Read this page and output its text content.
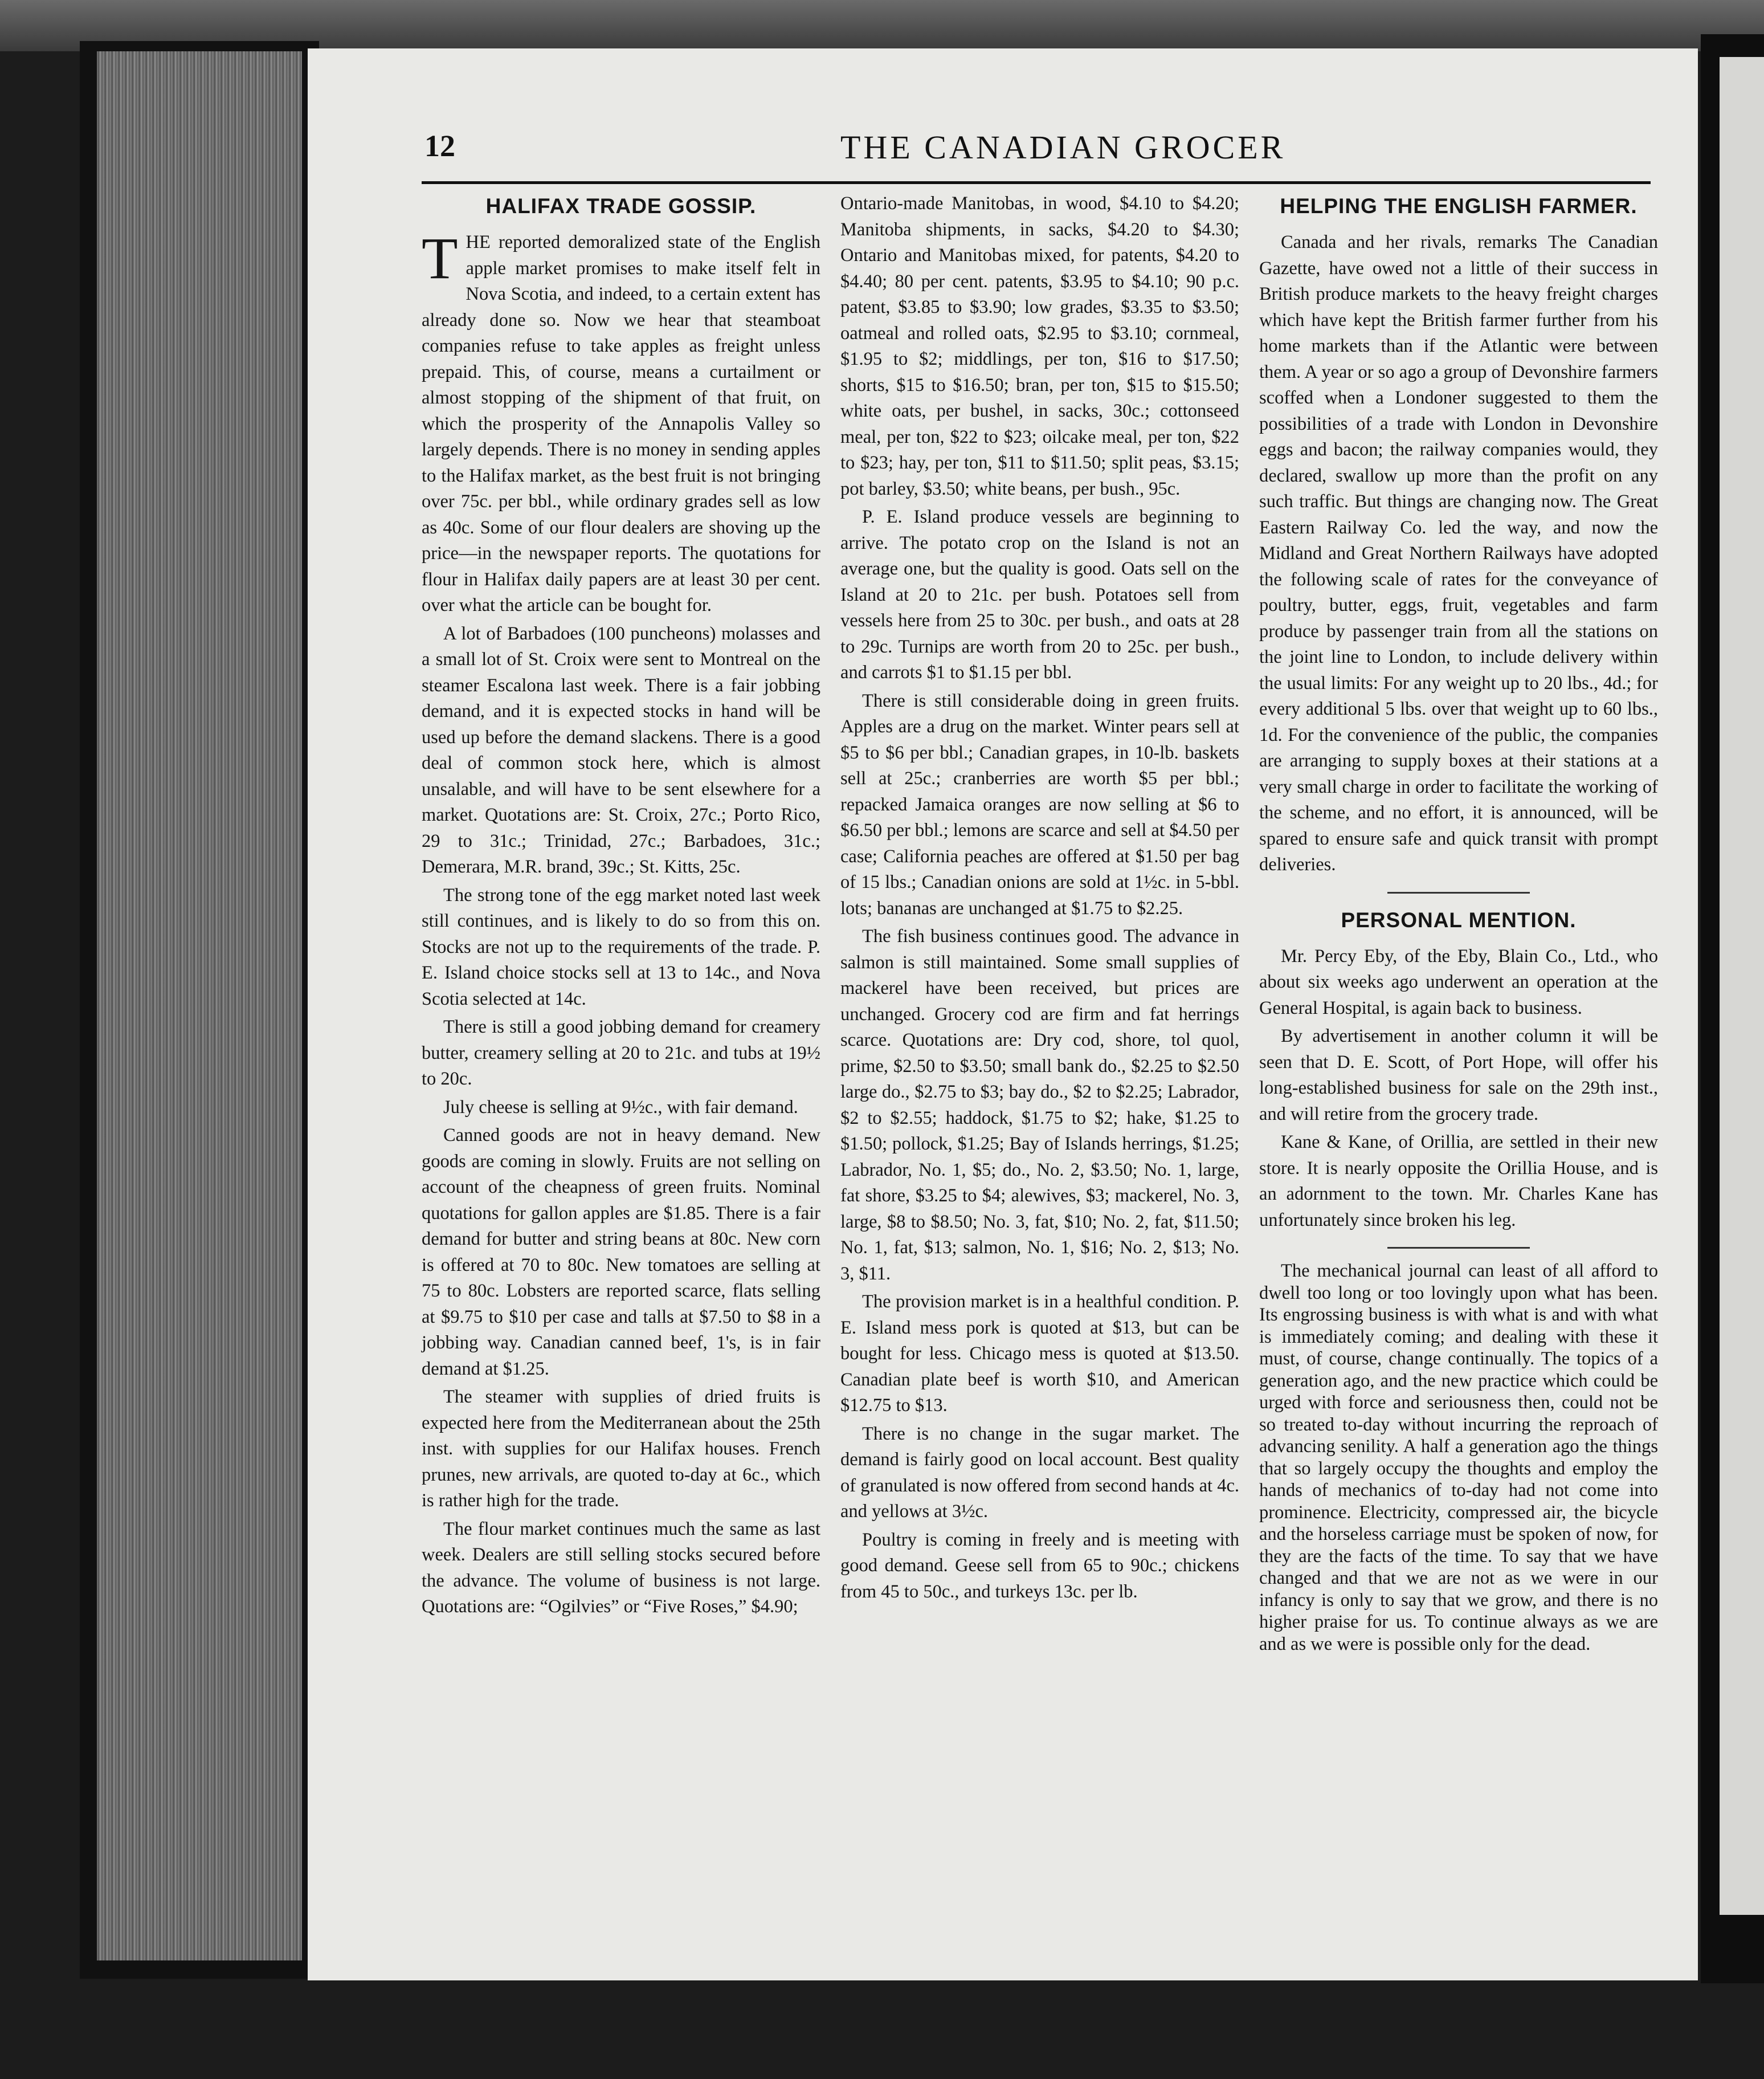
12	THE CANADIAN GROCER
HALIFAX TRADE GOSSIP.

THE reported demoralized state of the English apple market promises to make itself felt in Nova Scotia, and indeed, to a certain extent has already done so. Now we hear that steamboat companies refuse to take apples as freight unless prepaid. This, of course, means a curtailment or almost stopping of the shipment of that fruit, on which the prosperity of the Annapolis Valley so largely depends. There is no money in sending apples to the Halifax market, as the best fruit is not bringing over 75c. per bbl., while ordinary grades sell as low as 40c. Some of our flour dealers are shoving up the price—in the newspaper reports. The quotations for flour in Halifax daily papers are at least 30 per cent. over what the article can be bought for.

A lot of Barbadoes (100 puncheons) molasses and a small lot of St. Croix were sent to Montreal on the steamer Escalona last week. There is a fair jobbing demand, and it is expected stocks in hand will be used up before the demand slackens. There is a good deal of common stock here, which is almost unsalable, and will have to be sent elsewhere for a market. Quotations are: St. Croix, 27c.; Porto Rico, 29 to 31c.; Trinidad, 27c.; Barbadoes, 31c.; Demerara, M.R. brand, 39c.; St. Kitts, 25c.

The strong tone of the egg market noted last week still continues, and is likely to do so from this on. Stocks are not up to the requirements of the trade. P. E. Island choice stocks sell at 13 to 14c., and Nova Scotia selected at 14c.

There is still a good jobbing demand for creamery butter, creamery selling at 20 to 21c. and tubs at 19½ to 20c.

July cheese is selling at 9½c., with fair demand.

Canned goods are not in heavy demand. New goods are coming in slowly. Fruits are not selling on account of the cheapness of green fruits. Nominal quotations for gallon apples are $1.85. There is a fair demand for butter and string beans at 80c. New corn is offered at 70 to 80c. New tomatoes are selling at 75 to 80c. Lobsters are reported scarce, flats selling at $9.75 to $10 per case and talls at $7.50 to $8 in a jobbing way. Canadian canned beef, 1's, is in fair demand at $1.25.

The steamer with supplies of dried fruits is expected here from the Mediterranean about the 25th inst. with supplies for our Halifax houses. French prunes, new arrivals, are quoted to-day at 6c., which is rather high for the trade.

The flour market continues much the same as last week. Dealers are still selling stocks secured before the advance. The volume of business is not large. Quotations are: “Ogilvies” or “Five Roses,” $4.90;

Ontario-made Manitobas, in wood, $4.10 to $4.20; Manitoba shipments, in sacks, $4.20 to $4.30; Ontario and Manitobas mixed, for patents, $4.20 to $4.40; 80 per cent. patents, $3.95 to $4.10; 90 p.c. patent, $3.85 to $3.90; low grades, $3.35 to $3.50; oatmeal and rolled oats, $2.95 to $3.10; cornmeal, $1.95 to $2; middlings, per ton, $16 to $17.50; shorts, $15 to $16.50; bran, per ton, $15 to $15.50; white oats, per bushel, in sacks, 30c.; cottonseed meal, per ton, $22 to $23; oilcake meal, per ton, $22 to $23; hay, per ton, $11 to $11.50; split peas, $3.15; pot barley, $3.50; white beans, per bush., 95c.

P. E. Island produce vessels are beginning to arrive. The potato crop on the Island is not an average one, but the quality is good. Oats sell on the Island at 20 to 21c. per bush. Potatoes sell from vessels here from 25 to 30c. per bush., and oats at 28 to 29c. Turnips are worth from 20 to 25c. per bush., and carrots $1 to $1.15 per bbl.

There is still considerable doing in green fruits. Apples are a drug on the market. Winter pears sell at $5 to $6 per bbl.; Canadian grapes, in 10-lb. baskets sell at 25c.; cranberries are worth $5 per bbl.; repacked Jamaica oranges are now selling at $6 to $6.50 per bbl.; lemons are scarce and sell at $4.50 per case; California peaches are offered at $1.50 per bag of 15 lbs.; Canadian onions are sold at 1½c. in 5-bbl. lots; bananas are unchanged at $1.75 to $2.25.

The fish business continues good. The advance in salmon is still maintained. Some small supplies of mackerel have been received, but prices are unchanged. Grocery cod are firm and fat herrings scarce. Quotations are: Dry cod, shore, tol quol, prime, $2.50 to $3.50; small bank do., $2.25 to $2.50 large do., $2.75 to $3; bay do., $2 to $2.25; Labrador, $2 to $2.55; haddock, $1.75 to $2; hake, $1.25 to $1.50; pollock, $1.25; Bay of Islands herrings, $1.25; Labrador, No. 1, $5; do., No. 2, $3.50; No. 1, large, fat shore, $3.25 to $4; alewives, $3; mackerel, No. 3, large, $8 to $8.50; No. 3, fat, $10; No. 2, fat, $11.50; No. 1, fat, $13; salmon, No. 1, $16; No. 2, $13; No. 3, $11.

The provision market is in a healthful condition. P. E. Island mess pork is quoted at $13, but can be bought for less. Chicago mess is quoted at $13.50. Canadian plate beef is worth $10, and American $12.75 to $13.

There is no change in the sugar market. The demand is fairly good on local account. Best quality of granulated is now offered from second hands at 4c. and yellows at 3½c.

Poultry is coming in freely and is meeting with good demand. Geese sell from 65 to 90c.; chickens from 45 to 50c., and turkeys 13c. per lb.

HELPING THE ENGLISH FARMER.

Canada and her rivals, remarks The Canadian Gazette, have owed not a little of their success in British produce markets to the heavy freight charges which have kept the British farmer further from his home markets than if the Atlantic were between them. A year or so ago a group of Devonshire farmers scoffed when a Londoner suggested to them the possibilities of a trade with London in Devonshire eggs and bacon; the railway companies would, they declared, swallow up more than the profit on any such traffic. But things are changing now. The Great Eastern Railway Co. led the way, and now the Midland and Great Northern Railways have adopted the following scale of rates for the conveyance of poultry, butter, eggs, fruit, vegetables and farm produce by passenger train from all the stations on the joint line to London, to include delivery within the usual limits: For any weight up to 20 lbs., 4d.; for every additional 5 lbs. over that weight up to 60 lbs., 1d. For the convenience of the public, the companies are arranging to supply boxes at their stations at a very small charge in order to facilitate the working of the scheme, and no effort, it is announced, will be spared to ensure safe and quick transit with prompt deliveries.

PERSONAL MENTION.

Mr. Percy Eby, of the Eby, Blain Co., Ltd., who about six weeks ago underwent an operation at the General Hospital, is again back to business.

By advertisement in another column it will be seen that D. E. Scott, of Port Hope, will offer his long-established business for sale on the 29th inst., and will retire from the grocery trade.

Kane & Kane, of Orillia, are settled in their new store. It is nearly opposite the Orillia House, and is an adornment to the town. Mr. Charles Kane has unfortunately since broken his leg.

The mechanical journal can least of all afford to dwell too long or too lovingly upon what has been. Its engrossing business is with what is and with what is immediately coming; and dealing with these it must, of course, change continually. The topics of a generation ago, and the new practice which could be urged with force and seriousness then, could not be so treated to-day without incurring the reproach of advancing senility. A half a generation ago the things that so largely occupy the thoughts and employ the hands of mechanics of to-day had not come into prominence. Electricity, compressed air, the bicycle and the horseless carriage must be spoken of now, for they are the facts of the time. To say that we have changed and that we are not as we were in our infancy is only to say that we grow, and there is no higher praise for us. To continue always as we are and as we were is possible only for the dead.
